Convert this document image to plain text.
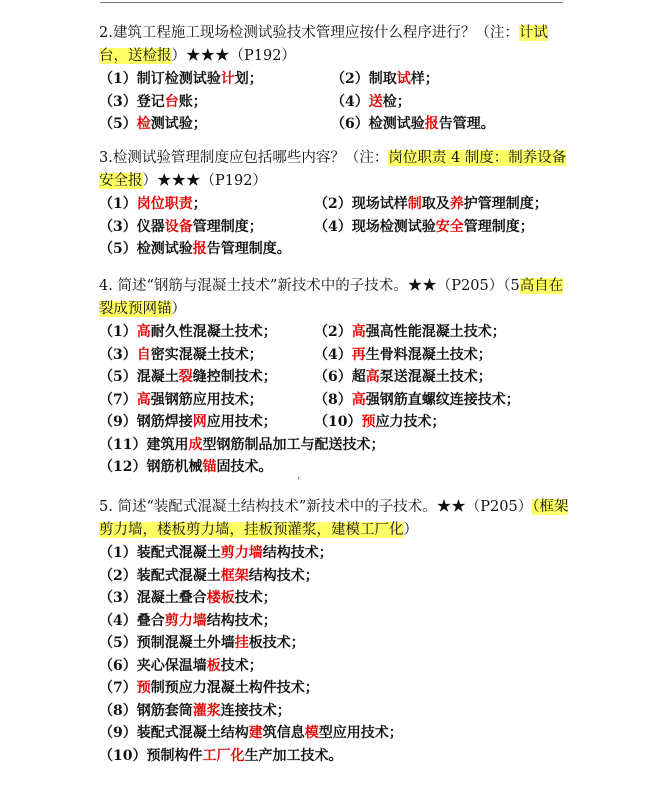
2.建筑工程施工现场检测试验技术管理应按什么程序进行？（注：计试台，送检报）★★★（P192）
（1）制订检测试验计划；	（2）制取试样；
（3）登记台账；	（4）送检；
（5）检测试验；	（6）检测试验报告管理。
3.检测试验管理制度应包括哪些内容？（注：岗位职责 4 制度：制养设备安全报）★★★（P192）
（1）岗位职责；	（2）现场试样制取及养护管理制度；
（3）仪器设备管理制度；	（4）现场检测试验安全管理制度；
（5）检测试验报告管理制度。
4. 简述“钢筋与混凝土技术”新技术中的子技术。★★（P205）（5高自在裂成预网锚）
（1）高耐久性混凝土技术；	（2）高强高性能混凝土技术；
（3）自密实混凝土技术；	（4）再生骨料混凝土技术；
（5）混凝土裂缝控制技术；	（6）超高泵送混凝土技术；
（7）高强钢筋应用技术；	（8）高强钢筋直螺纹连接技术；
（9）钢筋焊接网应用技术；	（10）预应力技术；
（11）建筑用成型钢筋制品加工与配送技术；
（12）钢筋机械锚固技术。
，
5. 简述“装配式混凝土结构技术”新技术中的子技术。★★（P205）（框架剪力墙，楼板剪力墙，挂板预灌浆，建模工厂化）
（1）装配式混凝土剪力墙结构技术；
（2）装配式混凝土框架结构技术；
（3）混凝土叠合楼板技术；
（4）叠合剪力墙结构技术；
（5）预制混凝土外墙挂板技术；
（6）夹心保温墙板技术；
（7）预制预应力混凝土构件技术；
（8）钢筋套筒灌浆连接技术；
（9）装配式混凝土结构建筑信息模型应用技术；
（10）预制构件工厂化生产加工技术。
